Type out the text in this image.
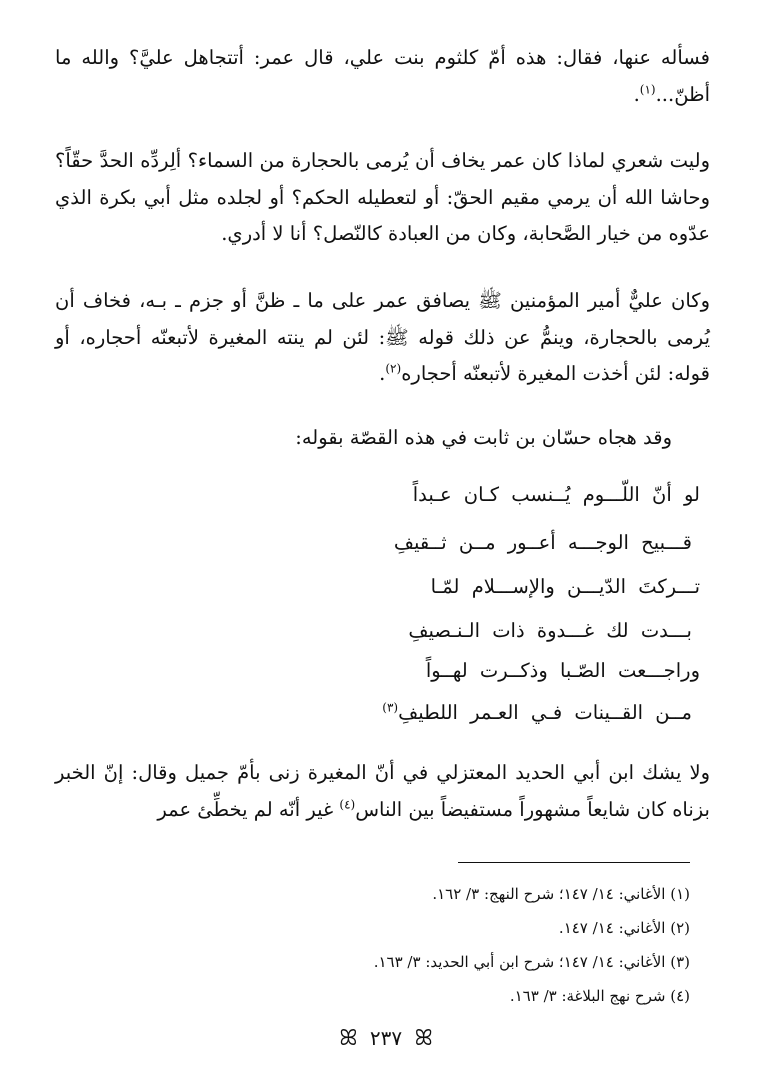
فسأله عنها، فقال: هذه أمّ كلثوم بنت علي، قال عمر: أتتجاهل عليَّ؟ والله ما أظنّ...$^{(١)}$.

وليت شعري لماذا كان عمر يخاف أن يُرمى بالحجارة من السماء؟ ألِردِّه الحدَّ حقّاً؟ وحاشا الله أن يرمي مقيم الحقّ: أو لتعطيله الحكم؟ أو لجلده مثل أبي بكرة الذي عدّوه من خيار الصَّحابة، وكان من العبادة كالنّصل؟ أنا لا أدري.

وكان عليٌّ أمير المؤمنين ﷺ يصافق عمر على ما ـ ظنَّ أو جزم ـ بـه، فخاف أن يُرمى بالحجارة، وينمُّ عن ذلك قوله ﷺ: لئن لم ينته المغيرة لأتبعنّه أحجاره، أو قوله: لئن أخذت المغيرة لأتبعنّه أحجاره$^{(٢)}$.

وقد هجاه حسّان بن ثابت في هذه القصّة بقوله:

لو أنّ اللّـــوم يُــنسب كـان عـبداً
قـــبيح الوجـــه أعــور مــن ثــقيفِ
تـــركتَ الدّيـــن والإســـلام لمّـا
بـــدت لك غـــدوة ذات الـنـصيفِ
وراجـــعت الصّـبا وذكــرت لهــواً
مــن القــينات فـي العـمر اللطيفِ$^{(٣)}$

ولا يشك ابن أبي الحديد المعتزلي في أنّ المغيرة زنى بأمّ جميل وقال: إنّ الخبر بزناه كان شايعاً مشهوراً مستفيضاً بين الناس$^{(٤)}$ غير أنّه لم يخطِّئ عمر

(١) الأغاني: ١٤/ ١٤٧؛ شرح النهج: ٣/ ١٦٢.
(٢) الأغاني: ١٤/ ١٤٧.
(٣) الأغاني: ١٤/ ١٤٧؛ شرح ابن أبي الحديد: ٣/ ١٦٣.
(٤) شرح نهج البلاغة: ٣/ ١٦٣.
ꕤ ٢٣٧ ꕤ
